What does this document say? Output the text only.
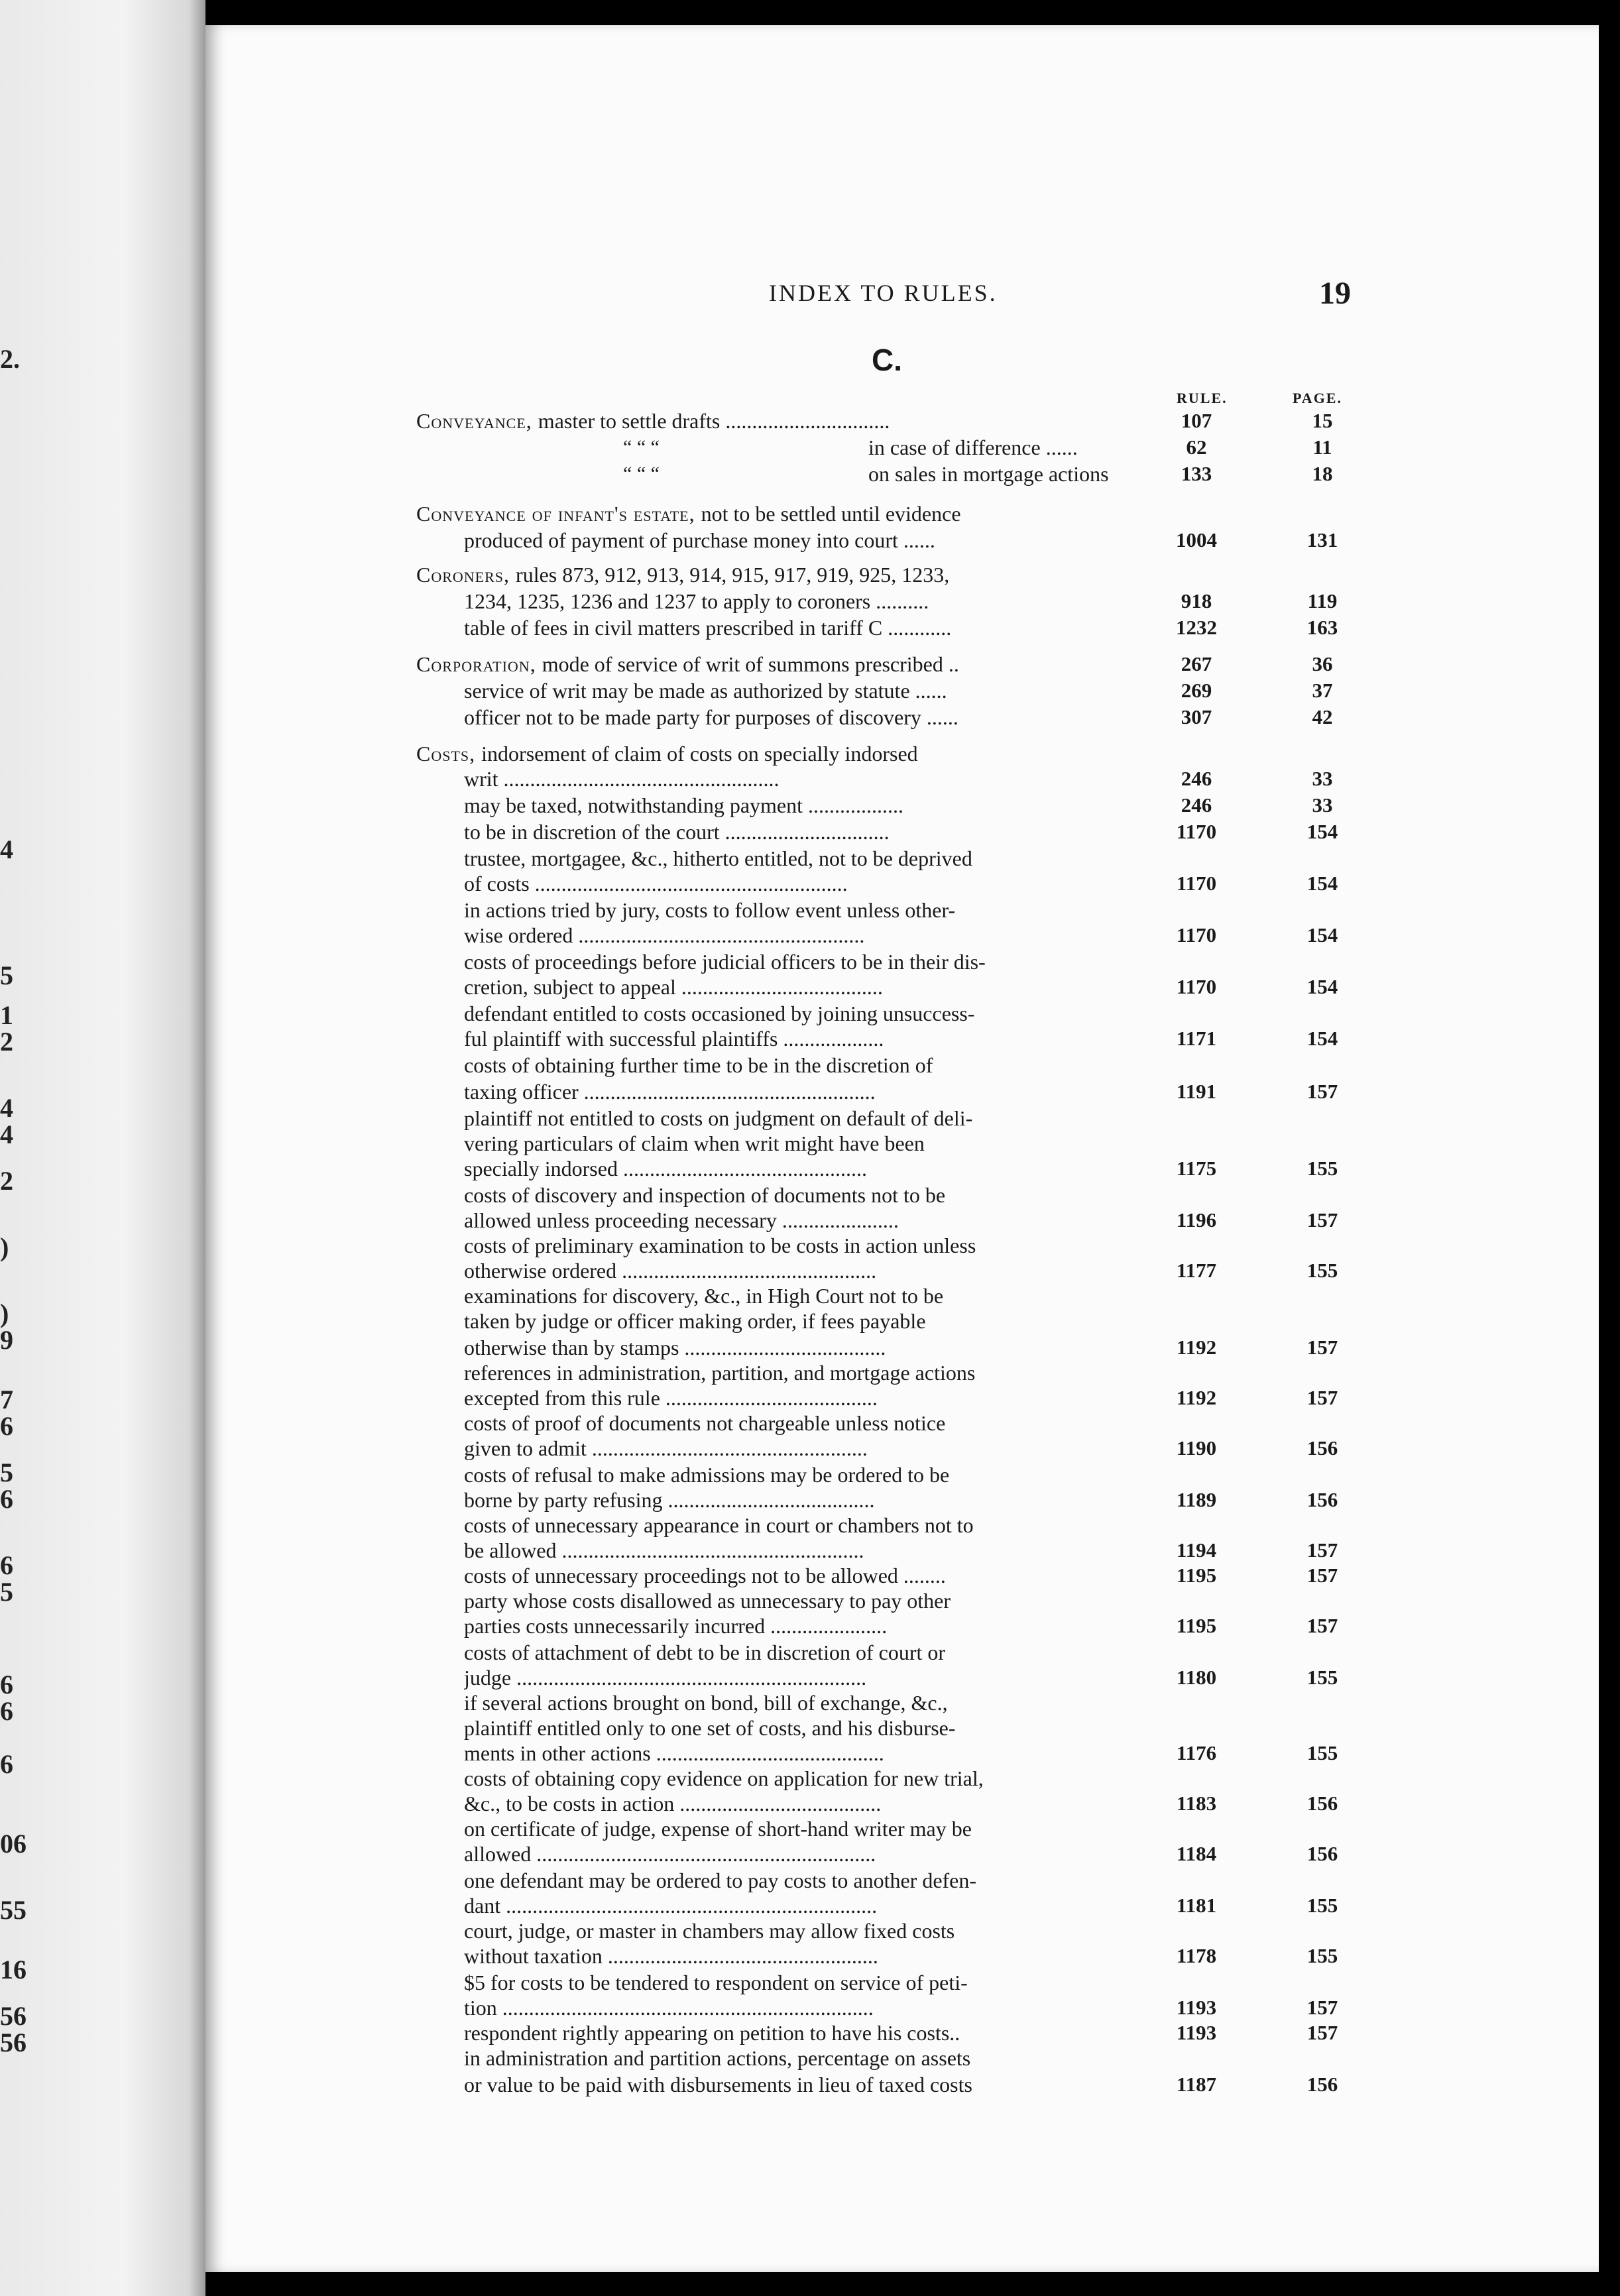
2.
4
5
1
2
4
4
2
)
)
9
7
6
5
6
6
5
6
6
6
06
55
16
56
56
INDEX TO RULES.	19
C.
RULE.	PAGE.
Conveyance, master to settle drafts ...............................	107	15
“ “ “	in case of difference ......	62	11
“ “ “	on sales in mortgage actions	133	18
Conveyance of infant's estate, not to be settled until evidence
produced of payment of purchase money into court ......	1004	131
Coroners, rules 873, 912, 913, 914, 915, 917, 919, 925, 1233,
1234, 1235, 1236 and 1237 to apply to coroners ..........	918	119
table of fees in civil matters prescribed in tariff C ............	1232	163
Corporation, mode of service of writ of summons prescribed ..	267	36
service of writ may be made as authorized by statute ......	269	37
officer not to be made party for purposes of discovery ......	307	42
Costs, indorsement of claim of costs on specially indorsed
writ ....................................................	246	33
may be taxed, notwithstanding payment ..................	246	33
to be in discretion of the court ...............................	1170	154
trustee, mortgagee, &c., hitherto entitled, not to be deprived
of costs ...........................................................	1170	154
in actions tried by jury, costs to follow event unless other-
wise ordered ......................................................	1170	154
costs of proceedings before judicial officers to be in their dis-
cretion, subject to appeal ......................................	1170	154
defendant entitled to costs occasioned by joining unsuccess-
ful plaintiff with successful plaintiffs ...................	1171	154
costs of obtaining further time to be in the discretion of
taxing officer .......................................................	1191	157
plaintiff not entitled to costs on judgment on default of deli-
vering particulars of claim when writ might have been
specially indorsed ..............................................	1175	155
costs of discovery and inspection of documents not to be
allowed unless proceeding necessary ......................	1196	157
costs of preliminary examination to be costs in action unless
otherwise ordered ................................................	1177	155
examinations for discovery, &c., in High Court not to be
taken by judge or officer making order, if fees payable
otherwise than by stamps ......................................	1192	157
references in administration, partition, and mortgage actions
excepted from this rule ........................................	1192	157
costs of proof of documents not chargeable unless notice
given to admit ....................................................	1190	156
costs of refusal to make admissions may be ordered to be
borne by party refusing .......................................	1189	156
costs of unnecessary appearance in court or chambers not to
be allowed .........................................................	1194	157
costs of unnecessary proceedings not to be allowed ........	1195	157
party whose costs disallowed as unnecessary to pay other
parties costs unnecessarily incurred ......................	1195	157
costs of attachment of debt to be in discretion of court or
judge ..................................................................	1180	155
if several actions brought on bond, bill of exchange, &c.,
plaintiff entitled only to one set of costs, and his disburse-
ments in other actions ...........................................	1176	155
costs of obtaining copy evidence on application for new trial,
&c., to be costs in action ......................................	1183	156
on certificate of judge, expense of short-hand writer may be
allowed ................................................................	1184	156
one defendant may be ordered to pay costs to another defen-
dant ......................................................................	1181	155
court, judge, or master in chambers may allow fixed costs
without taxation ...................................................	1178	155
$5 for costs to be tendered to respondent on service of peti-
tion ......................................................................	1193	157
respondent rightly appearing on petition to have his costs..	1193	157
in administration and partition actions, percentage on assets
or value to be paid with disbursements in lieu of taxed costs	1187	156
